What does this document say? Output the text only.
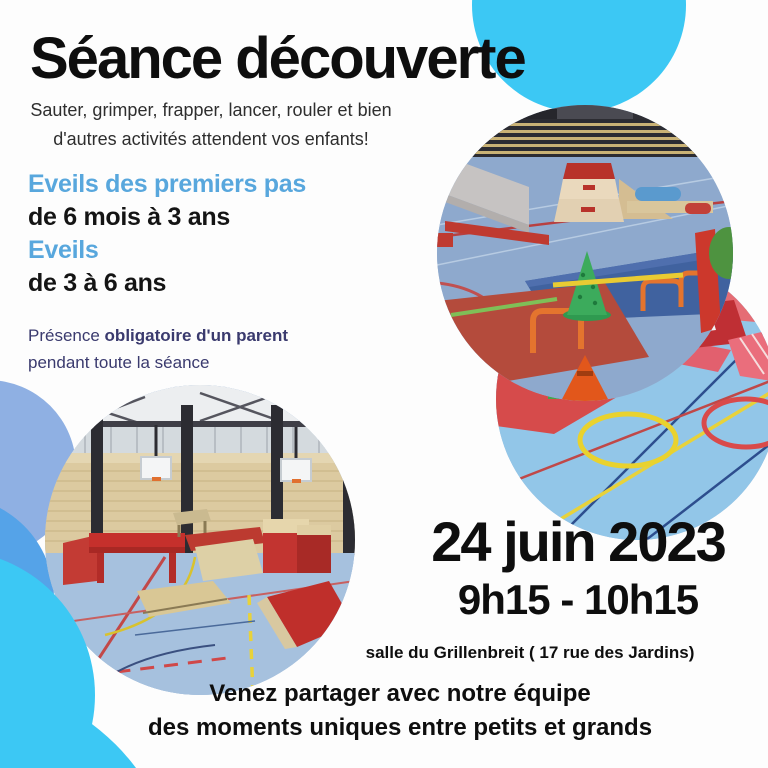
Séance découverte
Sauter, grimper, frapper, lancer, rouler et bien
d'autres activités attendent vos enfants!
Eveils des premiers pas
de 6 mois à 3 ans
Eveils
de 3 à 6 ans
Présence obligatoire d'un parent
pendant toute la séance
24 juin 2023
9h15 - 10h15
salle du Grillenbreit ( 17 rue des Jardins)
Venez partager avec notre équipe
des moments uniques entre petits et grands
